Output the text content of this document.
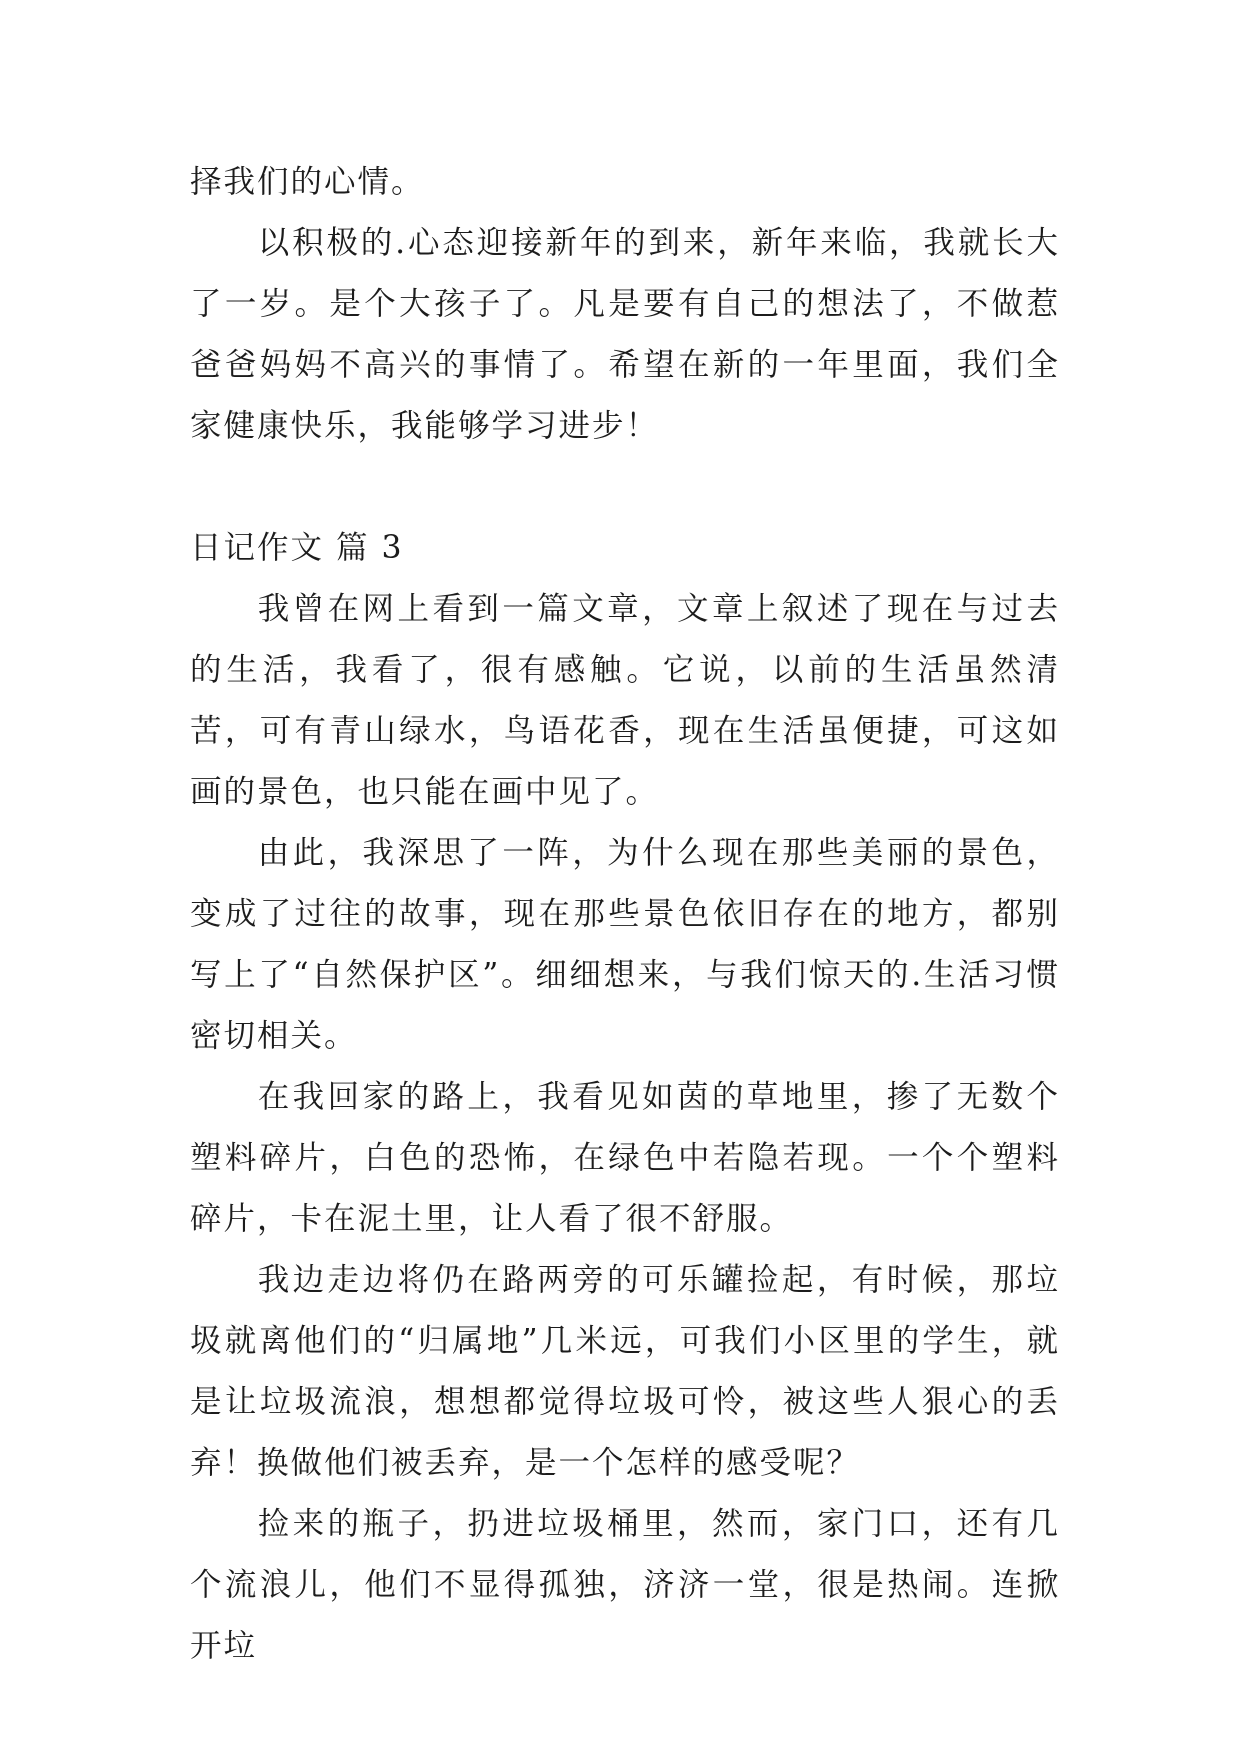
择我们的心情。

以积极的.心态迎接新年的到来，新年来临，我就长大了一岁。是个大孩子了。凡是要有自己的想法了，不做惹爸爸妈妈不高兴的事情了。希望在新的一年里面，我们全家健康快乐，我能够学习进步！

日记作文 篇 3

我曾在网上看到一篇文章，文章上叙述了现在与过去的生活，我看了，很有感触。它说，以前的生活虽然清苦，可有青山绿水，鸟语花香，现在生活虽便捷，可这如画的景色，也只能在画中见了。

由此，我深思了一阵，为什么现在那些美丽的景色，变成了过往的故事，现在那些景色依旧存在的地方，都别写上了“自然保护区”。细细想来，与我们惊天的.生活习惯密切相关。

在我回家的路上，我看见如茵的草地里，掺了无数个塑料碎片，白色的恐怖，在绿色中若隐若现。一个个塑料碎片，卡在泥土里，让人看了很不舒服。

我边走边将仍在路两旁的可乐罐捡起，有时候，那垃圾就离他们的“归属地”几米远，可我们小区里的学生，就是让垃圾流浪，想想都觉得垃圾可怜，被这些人狠心的丢弃！换做他们被丢弃，是一个怎样的感受呢？

捡来的瓶子，扔进垃圾桶里，然而，家门口，还有几个流浪儿，他们不显得孤独，济济一堂，很是热闹。连掀开垃
